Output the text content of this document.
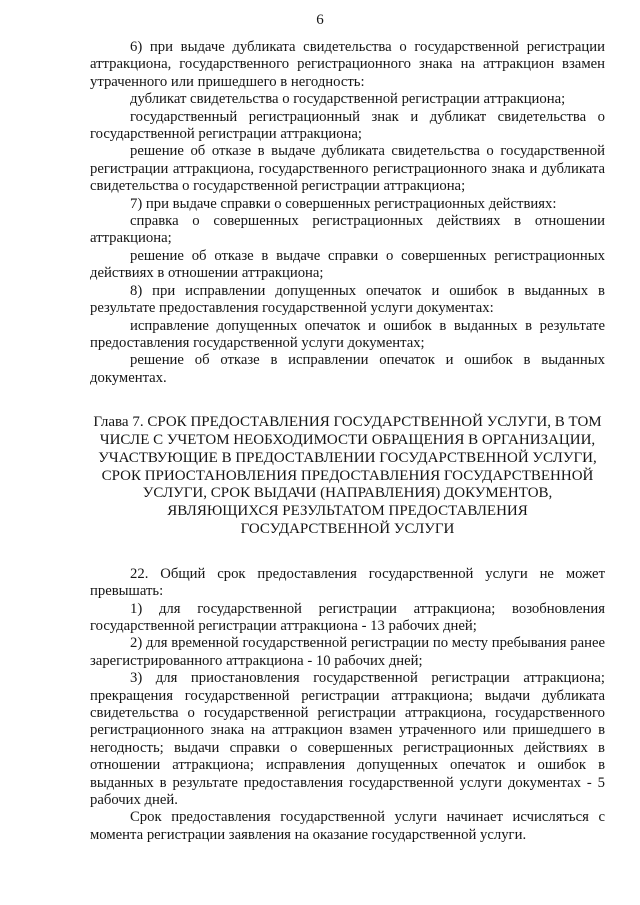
6

6) при выдаче дубликата свидетельства о государственной регистрации аттракциона, государственного регистрационного знака на аттракцион взамен утраченного или пришедшего в негодность:

дубликат свидетельства о государственной регистрации аттракциона;

государственный регистрационный знак и дубликат свидетельства о государственной регистрации аттракциона;

решение об отказе в выдаче дубликата свидетельства о государственной регистрации аттракциона, государственного регистрационного знака и дубликата свидетельства о государственной регистрации аттракциона;

7) при выдаче справки о совершенных регистрационных действиях:

справка о совершенных регистрационных действиях в отношении аттракциона;

решение об отказе в выдаче справки о совершенных регистрационных действиях в отношении аттракциона;

8) при исправлении допущенных опечаток и ошибок в выданных в результате предоставления государственной услуги документах:

исправление допущенных опечаток и ошибок в выданных в результате предоставления государственной услуги документах;

решение об отказе в исправлении опечаток и ошибок в выданных документах.

Глава 7. СРОК ПРЕДОСТАВЛЕНИЯ ГОСУДАРСТВЕННОЙ УСЛУГИ, В ТОМ
ЧИСЛЕ С УЧЕТОМ НЕОБХОДИМОСТИ ОБРАЩЕНИЯ В ОРГАНИЗАЦИИ,
УЧАСТВУЮЩИЕ В ПРЕДОСТАВЛЕНИИ ГОСУДАРСТВЕННОЙ УСЛУГИ,
СРОК ПРИОСТАНОВЛЕНИЯ ПРЕДОСТАВЛЕНИЯ ГОСУДАРСТВЕННОЙ
УСЛУГИ, СРОК ВЫДАЧИ (НАПРАВЛЕНИЯ) ДОКУМЕНТОВ,
ЯВЛЯЮЩИХСЯ РЕЗУЛЬТАТОМ ПРЕДОСТАВЛЕНИЯ
ГОСУДАРСТВЕННОЙ УСЛУГИ

22. Общий срок предоставления государственной услуги не может превышать:

1) для государственной регистрации аттракциона; возобновления государственной регистрации аттракциона - 13 рабочих дней;

2) для временной государственной регистрации по месту пребывания ранее зарегистрированного аттракциона - 10 рабочих дней;

3) для приостановления государственной регистрации аттракциона; прекращения государственной регистрации аттракциона; выдачи дубликата свидетельства о государственной регистрации аттракциона, государственного регистрационного знака на аттракцион взамен утраченного или пришедшего в негодность; выдачи справки о совершенных регистрационных действиях в отношении аттракциона; исправления допущенных опечаток и ошибок в выданных в результате предоставления государственной услуги документах - 5 рабочих дней.

Срок предоставления государственной услуги начинает исчисляться с момента регистрации заявления на оказание государственной услуги.
